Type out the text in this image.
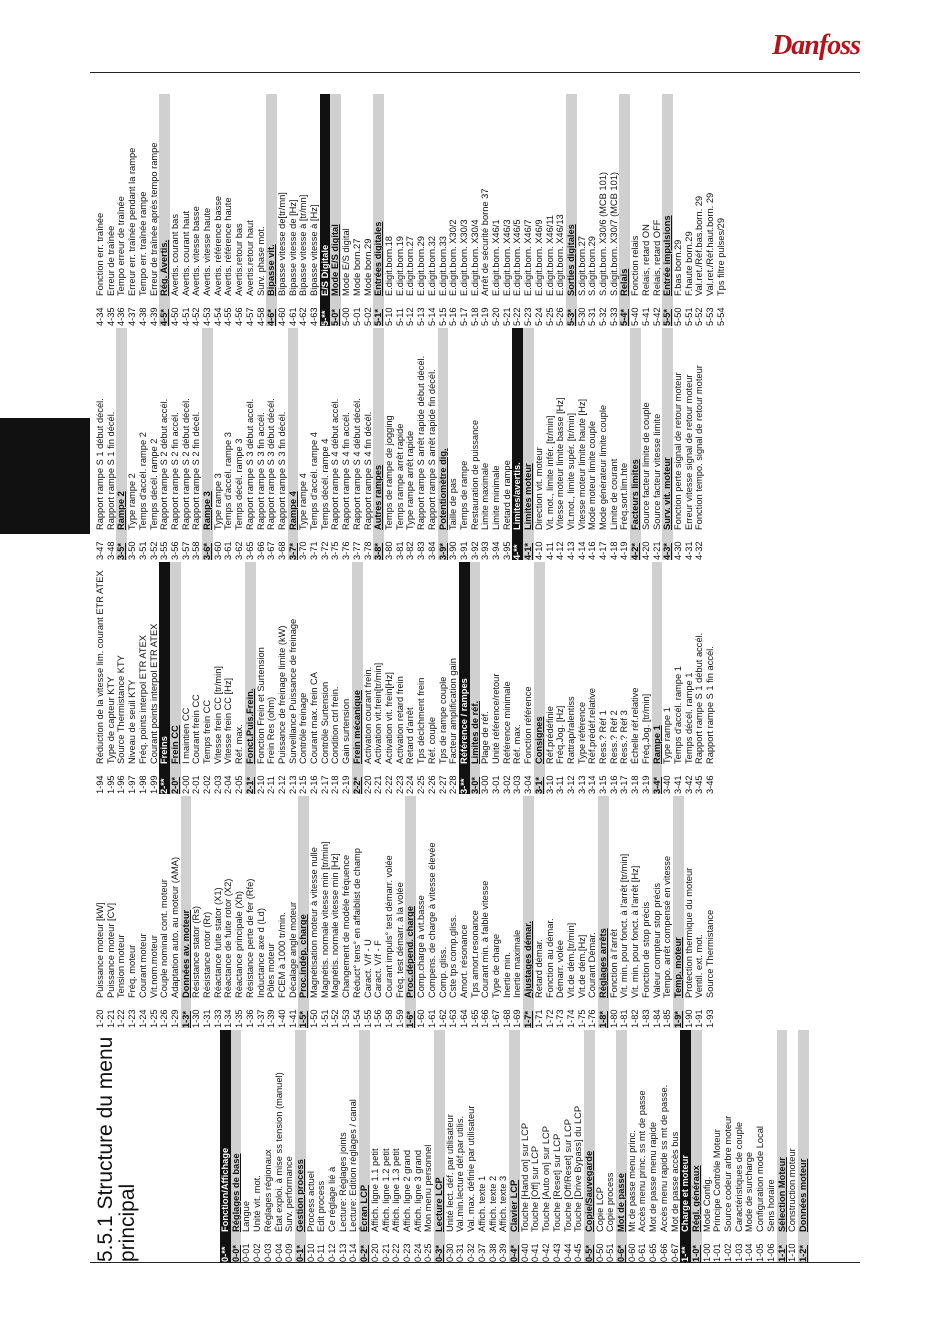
Danfoss
5.5.1 Structure du menu principal	0-**
Fonction/Affichage
0-0*
Réglages de base
0-01
Langue
0-02
Unité vit. mot.
0-03
Réglages régionaux
0-04
État exploi. à mise ss tension (manuel)
0-09
Surv. performance
0-1*
Gestion process
0-10
Process actuel
0-11
Edit process
0-12
Ce réglage lié à
0-13
Lecture: Réglages joints
0-14
Lecture: Edition réglages / canal
0-2*
Écran LCP
0-20
Affich. ligne 1.1 petit
0-21
Affich. ligne 1.2 petit
0-22
Affich. ligne 1.3 petit
0-23
Affich. ligne 2 grand
0-24
Affich. ligne 3 grand
0-25
Mon menu personnel
0-3*
Lecture LCP
0-30
Unité lect. déf. par utilisateur
0-31
Val.min.lecture déf.par utilis.
0-32
Val. max. définie par utilisateur
0-37
Affich. texte 1
0-38
Affich. texte 2
0-39
Affich. texte 3
0-4*
Clavier LCP
0-40
Touche [Hand on] sur LCP
0-41
Touche [Off] sur LCP
0-42
Touche [Auto on] sur LCP
0-43
Touche [Reset] sur LCP
0-44
Touche [Off/Reset] sur LCP
0-45
Touche [Drive Bypass] du LCP
0-5*
Copie/Sauvegarde
0-50
Copie LCP
0-51
Copie process
0-6*
Mot de passe
0-60
Mt de passe menu princ.
0-61
Accès menu princ. ss mt de passe
0-65
Mot de passe menu rapide
0-66
Accès menu rapide ss mt de passe.
0-67
Mot de passe accès bus
1-**
Charge et moteur
1-0*
Régl. généraux
1-00
Mode Config.
1-01
Principe Contrôle Moteur
1-02
Source codeur arbre moteur
1-03
Caractéristiques de couple
1-04
Mode de surcharge
1-05
Configuration mode Local
1-06
Sens horaire
1-1*
Sélection Moteur
1-10
Construction moteur
1-2*
Données moteur
1-20
Puissance moteur [kW]
1-21
Puissance moteur [CV]
1-22
Tension moteur
1-23
Fréq. moteur
1-24
Courant moteur
1-25
Vit.nom.moteur
1-26
Couple nominal cont. moteur
1-29
Adaptation auto. au moteur (AMA)
1-3*
Données av. moteur
1-30
Résistance stator (Rs)
1-31
Résistance rotor (Rr)
1-33
Réactance fuite stator (X1)
1-34
Réactance de fuite rotor (X2)
1-35
Réactance principale (Xh)
1-36
Résistance perte de fer (Rfe)
1-37
Inductance axe d (Ld)
1-39
Pôles moteur
1-40
FCEM à 1000 tr/min.
1-41
Décalage angle moteur
1-5*
Proc.indép. charge
1-50
Magnétisation moteur à vitesse nulle
1-51
Magnétis. normale vitesse min [tr/min]
1-52
Magnétis. normale vitesse min [Hz]
1-53
Changement de modèle fréquence
1-54
Réduct° tens° en affaiblist de champ
1-55
Caract. V/f - U
1-56
Caract. V/f - F
1-58
Courant impuls° test démarr. volée
1-59
Fréq. test démarr. à la volée
1-6*
Proc.dépend. charge
1-60
Comp.charge à vit.basse
1-61
Compens. de charge à vitesse élevée
1-62
Comp. gliss.
1-63
Cste tps comp.gliss.
1-64
Amort. résonance
1-65
Tps amort.resonance
1-66
Courant min. à faible vitesse
1-67
Type de charge
1-68
Inertie min.
1-69
Inertie maximale
1-7*
Ajustages démar.
1-71
Retard démar.
1-72
Fonction au démar.
1-73
Démarr. volée
1-74
Vit.de dém.[tr/min]
1-75
Vit.de dém.[Hz]
1-76
Courant Démar.
1-8*
Réglages arrêts
1-80
Fonction à l'arrêt
1-81
Vit. min. pour fonct. à l'arrêt [tr/min]
1-82
Vit. min. pour fonct. à l'arrêt [Hz]
1-83
Fonction de stop précis
1-84
Valeur compteur stop précis
1-85
Tempo. arrêt compensé en vitesse
1-9*
Temp. moteur
1-90
Protection thermique du moteur
1-91
Ventil. ext. mot.
1-93
Source Thermistance
1-94
Réduction de la vitesse lim. courant ETR ATEX
1-95
Type de capteur KTY
1-96
Source Thermistance KTY
1-97
Niveau de seuil KTY
1-98
Fréq. points interpol ETR ATEX
1-99
Courant points interpol ETR ATEX
2-**
Freins
2-0*
Frein CC
2-00
I maintien CC
2-01
Courant frein CC
2-02
Temps frein CC
2-03
Vitesse frein CC [tr/min]
2-04
Vitesse frein CC [Hz]
2-05
Réf. max.
2-1*
Fonct.Puis.Frein.
2-10
Fonction Frein et Surtension
2-11
Frein Res (ohm)
2-12
Puissance de freinage limite (kW)
2-13
Surveillance Puissance de freinage
2-15
Contrôle freinage
2-16
Courant max. frein CA
2-17
Contrôle Surtension
2-18
Condition ctrl frein.
2-19
Gain surtension
2-2*
Frein mécanique
2-20
Activation courant frein.
2-21
Activation vit.frein[tr/min]
2-22
Activation vit. frein[Hz]
2-23
Activation retard frein
2-24
Retard d'arrêt
2-25
Tps déclchment frein
2-26
Réf. couple
2-27
Tps de rampe couple
2-28
Facteur amplification gain
3-**
Référence / rampes
3-0*
Limites de réf.
3-00
Plage de réf.
3-01
Unité référence/retour
3-02
Référence minimale
3-03
Réf. max.
3-04
Fonction référence
3-1*
Consignes
3-10
Réf.prédéfinie
3-11
Fréq.Jog. [Hz]
3-12
Rattrap/ralentiss
3-13
Type référence
3-14
Réf.prédéf.relative
3-15
Ress.? Réf 1
3-16
Ress.? Réf 2
3-17
Ress.? Réf 3
3-18
Échelle réf.relative
3-19
Fréq.Jog. [tr/min]
3-4*
Rampe 1
3-40
Type rampe 1
3-41
Temps d'accél. rampe 1
3-42
Temps décél. rampe 1
3-45
Rapport rampe S 1 début accél.
3-46
Rapport rampe S 1 fin accél.
3-47
Rapport rampe S 1 début décél.
3-48
Rapport rampe S 1 fin décél.
3-5*
Rampe 2
3-50
Type rampe 2
3-51
Temps d'accél. rampe 2
3-52
Temps décél. rampe 2
3-55
Rapport rampe S 2 début accél.
3-56
Rapport rampe S 2 fin accél.
3-57
Rapport rampe S 2 début décél.
3-58
Rapport rampe S 2 fin décél.
3-6*
Rampe 3
3-60
Type rampe 3
3-61
Temps d'accél. rampe 3
3-62
Temps décél. rampe 3
3-65
Rapport rampe S 3 début accél.
3-66
Rapport rampe S 3 fin accél.
3-67
Rapport rampe S 3 début décél.
3-68
Rapport rampe S 3 fin décél.
3-7*
Rampe 4
3-70
Type rampe 4
3-71
Temps d'accél. rampe 4
3-72
Temps décél. rampe 4
3-75
Rapport rampe S 4 début accél.
3-76
Rapport rampe S 4 fin accél.
3-77
Rapport rampe S 4 début décél.
3-78
Rapport rampe S 4 fin décél.
3-8*
Autres rampes
3-80
Temps de rampe de jogging
3-81
Temps rampe arrêt rapide
3-82
Type rampe arrêt rapide
3-83
Rapport rampe S arrêt rapide début décél.
3-84
Rapport rampe S arrêt rapide fin décél.
3-9*
Potentiomètre dig.
3-90
Taille de pas
3-91
Temps de rampe
3-92
Restauration de puissance
3-93
Limite maximale
3-94
Limite minimale
3-95
Retard de rampe
4-**
Limites/avertis.
4-1*
Limites moteur
4-10
Direction vit. moteur
4-11
Vit. mot., limite infér. [tr/min]
4-12
Vitesse moteur limite basse [Hz]
4-13
Vit.mot., limite supér. [tr/min]
4-14
Vitesse moteur limite haute [Hz]
4-16
Mode moteur limite couple
4-17
Mode générateur limite couple
4-18
Limite de courant
4-19
Fréq.sort.lim.hte
4-2*
Facteurs limites
4-20
Source facteur limite de couple
4-21
Source facteur vitesse limite
4-3*
Surv. vit. moteur
4-30
Fonction perte signal de retour moteur
4-31
Erreur vitesse signal de retour moteur
4-32
Fonction tempo. signal de retour moteur
4-34
Fonction err. traînée
4-35
Erreur de traînée
4-36
Tempo erreur de traînée
4-37
Erreur err. traînée pendant la rampe
4-38
Tempo err. traînée rampe
4-39
Erreur de traînée après tempo rampe
4-5*
Rég. Avertis.
4-50
Avertis. courant bas
4-51
Avertis. courant haut
4-52
Avertis. vitesse basse
4-53
Avertis. vitesse haute
4-54
Avertis. référence basse
4-55
Avertis. référence haute
4-56
Avertis.retour bas
4-57
Avertis.retour haut
4-58
Surv. phase mot.
4-6*
Bipasse vit.
4-60
Bipasse vitesse de[tr/mn]
4-61
Bipasse vitesse de [Hz]
4-62
Bipasse vitesse à [tr/mn]
4-63
Bipasse vitesse à [Hz]
5-**
E/S Digitale
5-0*
Mode E/S digital
5-00
Mode E/S digital
5-01
Mode born.27
5-02
Mode born.29
5-1*
Entrées digitales
5-10
E.digit.born.18
5-11
E.digit.born.19
5-12
E.digit.born.27
5-13
E.digit.born.29
5-14
E.digit.born.32
5-15
E.digit.born.33
5-16
E.digit.born. X30/2
5-17
E.digit.born. X30/3
5-18
E.digit.born. X30/4
5-19
Arrêt de sécurité borne 37
5-20
E.digit.born. X46/1
5-21
E.digit.born. X46/3
5-22
E.digit.born. X46/5
5-23
E.digit.born. X46/7
5-24
E.digit.born. X46/9
5-25
E.digit.born. X46/11
5-26
E.digit.born. X46/13
5-3*
Sorties digitales
5-30
S.digit.born.27
5-31
S.digit.born.29
5-32
S.digit.born. X30/6 (MCB 101)
5-33
S.digit.born. X30/7 (MCB 101)
5-4*
Relais
5-40
Fonction relais
5-41
Relais, retard ON
5-42
Relais, retard OFF
5-5*
Entrée impulsions
5-50
F.bas born.29
5-51
F.haute born.29
5-52
Val.ret./Réf.bas.born. 29
5-53
Val.ret./Réf.haut.born. 29
5-54
Tps filtre pulses/29
